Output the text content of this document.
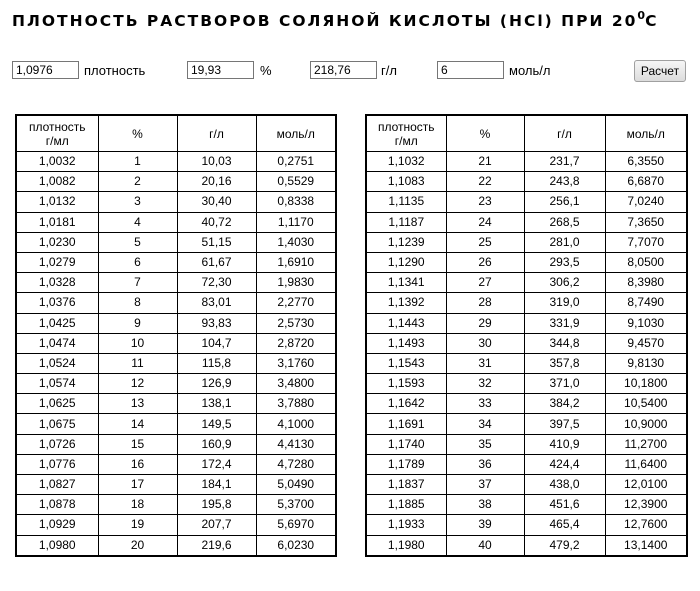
ПЛОТНОСТЬ РАСТВОРОВ СОЛЯНОЙ КИСЛОТЫ (HCl) ПРИ $20^0С$
1,0976
плотность
19,93	%
218,76	г/л
6	моль/л	Расчет
плотность
г/мл	%	г/л	моль/л
1,0032	1	10,03	0,2751
1,0082	2	20,16	0,5529
1,0132	3	30,40	0,8338
1,0181	4	40,72	1,1170
1,0230	5	51,15	1,4030
1,0279	6	61,67	1,6910
1,0328	7	72,30	1,9830
1,0376	8	83,01	2,2770
1,0425	9	93,83	2,5730
1,0474	10	104,7	2,8720
1,0524	11	115,8	3,1760
1,0574	12	126,9	3,4800
1,0625	13	138,1	3,7880
1,0675	14	149,5	4,1000
1,0726	15	160,9	4,4130
1,0776	16	172,4	4,7280
1,0827	17	184,1	5,0490
1,0878	18	195,8	5,3700
1,0929	19	207,7	5,6970
1,0980	20	219,6	6,0230
плотность
г/мл	%	г/л	моль/л
1,1032	21	231,7	6,3550
1,1083	22	243,8	6,6870
1,1135	23	256,1	7,0240
1,1187	24	268,5	7,3650
1,1239	25	281,0	7,7070
1,1290	26	293,5	8,0500
1,1341	27	306,2	8,3980
1,1392	28	319,0	8,7490
1,1443	29	331,9	9,1030
1,1493	30	344,8	9,4570
1,1543	31	357,8	9,8130
1,1593	32	371,0	10,1800
1,1642	33	384,2	10,5400
1,1691	34	397,5	10,9000
1,1740	35	410,9	11,2700
1,1789	36	424,4	11,6400
1,1837	37	438,0	12,0100
1,1885	38	451,6	12,3900
1,1933	39	465,4	12,7600
1,1980	40	479,2	13,1400
